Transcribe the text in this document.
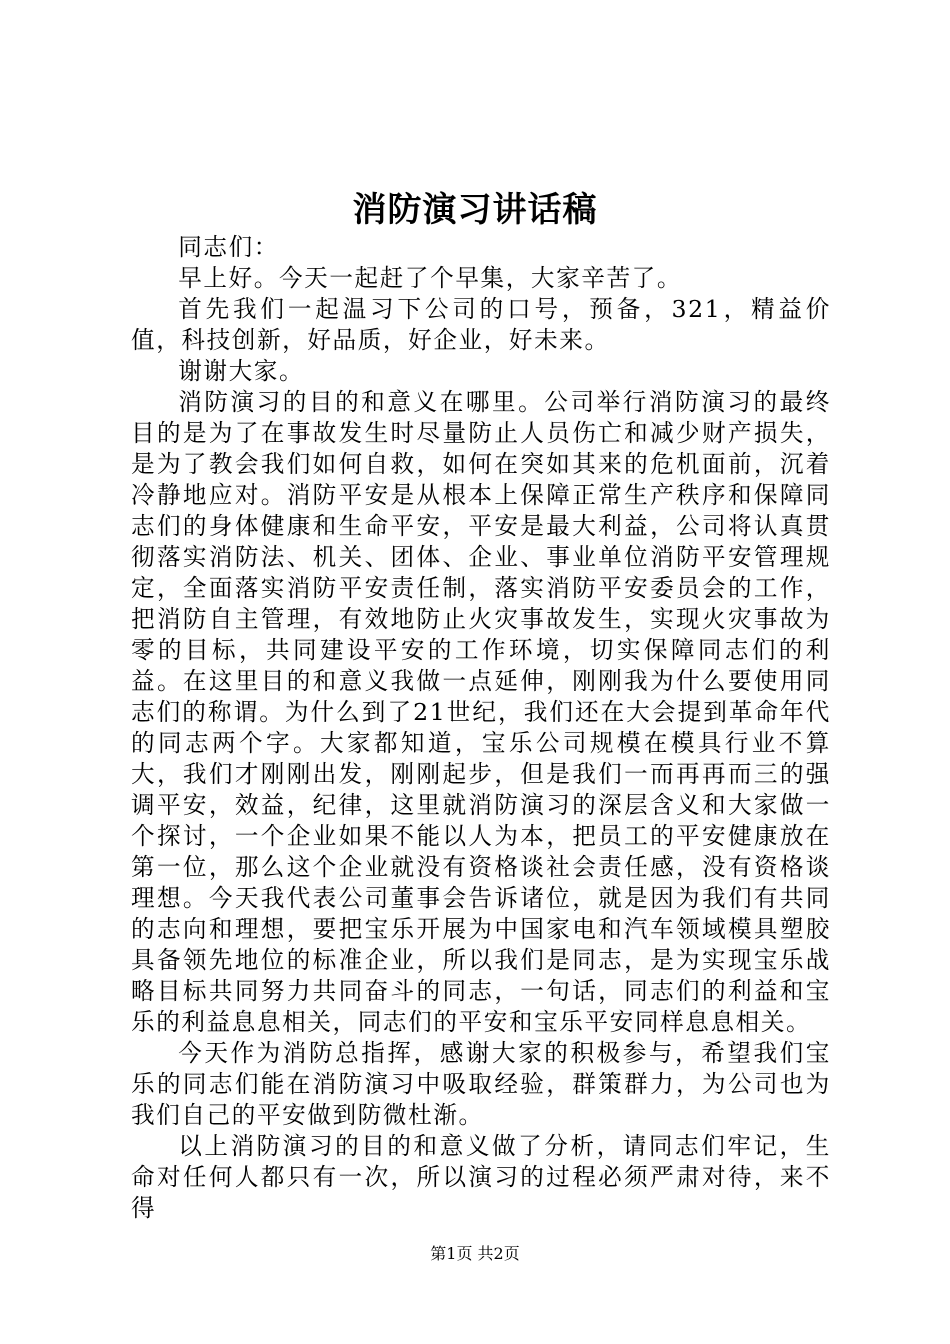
消防演习讲话稿

同志们：

早上好。今天一起赶了个早集，大家辛苦了。

首先我们一起温习下公司的口号，预备，321，精益价值，科技创新，好品质，好企业，好未来。

谢谢大家。

消防演习的目的和意义在哪里。公司举行消防演习的最终目的是为了在事故发生时尽量防止人员伤亡和减少财产损失，是为了教会我们如何自救，如何在突如其来的危机面前，沉着冷静地应对。消防平安是从根本上保障正常生产秩序和保障同志们的身体健康和生命平安，平安是最大利益，公司将认真贯彻落实消防法、机关、团体、企业、事业单位消防平安管理规定，全面落实消防平安责任制，落实消防平安委员会的工作，把消防自主管理，有效地防止火灾事故发生，实现火灾事故为零的目标，共同建设平安的工作环境，切实保障同志们的利益。在这里目的和意义我做一点延伸，刚刚我为什么要使用同志们的称谓。为什么到了21世纪，我们还在大会提到革命年代的同志两个字。大家都知道，宝乐公司规模在模具行业不算大，我们才刚刚出发，刚刚起步，但是我们一而再再而三的强调平安，效益，纪律，这里就消防演习的深层含义和大家做一个探讨，一个企业如果不能以人为本，把员工的平安健康放在第一位，那么这个企业就没有资格谈社会责任感，没有资格谈理想。今天我代表公司董事会告诉诸位，就是因为我们有共同的志向和理想，要把宝乐开展为中国家电和汽车领域模具塑胶具备领先地位的标准企业，所以我们是同志，是为实现宝乐战略目标共同努力共同奋斗的同志，一句话，同志们的利益和宝乐的利益息息相关，同志们的平安和宝乐平安同样息息相关。

今天作为消防总指挥，感谢大家的积极参与，希望我们宝乐的同志们能在消防演习中吸取经验，群策群力，为公司也为我们自己的平安做到防微杜渐。

以上消防演习的目的和意义做了分析，请同志们牢记，生命对任何人都只有一次，所以演习的过程必须严肃对待，来不得

第1页 共2页
